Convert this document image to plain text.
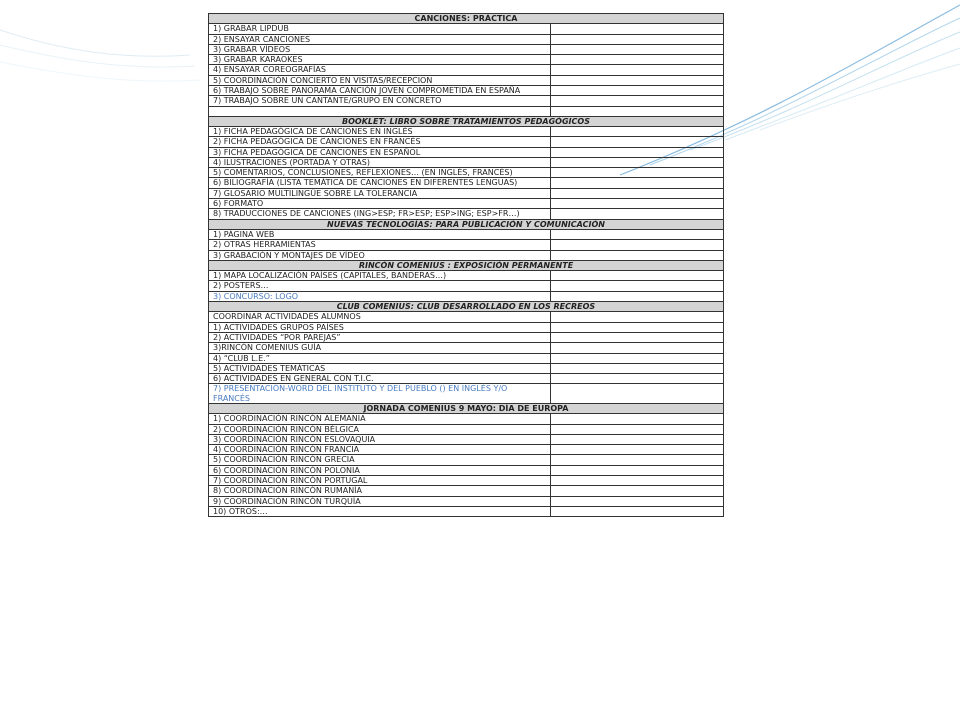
CANCIONES: PRÁCTICA	
1) GRABAR LIPDUB	
2) ENSAYAR CANCIONES	
3) GRABAR VÍDEOS	
3) GRABAR KARAOKES	
4) ENSAYAR COREOGRAFÍAS	
5) COORDINACIÓN CONCIERTO EN VISITAS/RECEPCION	
6) TRABAJO SOBRE PANORAMA CANCIÓN JOVEN COMPROMETIDA EN ESPAÑA	
7) TRABAJO SOBRE UN CANTANTE/GRUPO EN CONCRETO	

BOOKLET: LIBRO SOBRE TRATAMIENTOS PEDAGÓGICOS	
1) FICHA PEDAGÓGICA DE CANCIONES EN INGLÉS	
2) FICHA PEDAGÓGICA DE CANCIONES EN FRANCÉS	
3) FICHA PEDAGÓGICA DE CANCIONES EN ESPAÑOL	
4) ILUSTRACIONES (PORTADA Y OTRAS)	
5) COMENTARIOS, CONCLUSIONES, REFLEXIONES… (EN INGLÉS, FRANCÉS)	
6) BILIOGRAFÍA (LISTA TEMÁTICA DE CANCIONES EN DIFERENTES LENGUAS)	
7) GLOSARIO MULTILINGÜE SOBRE LA TOLERANCIA	
6) FORMATO	
8) TRADUCCIONES DE CANCIONES (ING>ESP; FR>ESP; ESP>ING; ESP>FR…)	
NUEVAS TECNOLOGÍAS: PARA PUBLICACIÓN Y COMUNICACIÓN	
1) PÁGINA WEB	
2) OTRAS HERRAMIENTAS	
3) GRABACIÓN Y MONTAJES DE VÍDEO	
RINCÓN COMENIUS : EXPOSICIÓN PERMANENTE	
1) MAPA LOCALIZACIÓN PAÍSES (CAPITALES, BANDERAS…)	
2) POSTERS…	
3) CONCURSO: LOGO	
CLUB COMENIUS: CLUB DESARROLLADO EN LOS RECREOS	
COORDINAR ACTIVIDADES ALUMNOS	
1) ACTIVIDADES GRUPOS PAÍSES	
2) ACTIVIDADES “POR PAREJAS”	
3)RINCÓN COMENIUS GUÍA	
4) “CLUB L.E.”	
5) ACTIVIDADES TEMÁTICAS	
6) ACTIVIDADES EN GENERAL CON T.I.C.	
7) PRESENTACIÓN-WORD DEL INSTITUTO Y DEL PUEBLO () EN INGLÉS Y/O FRANCÉS	
JORNADA COMENIUS 9 MAYO: DÍA DE EUROPA	
1) COORDINACIÓN RINCÓN ALEMANIA	
2) COORDINACIÓN RINCÓN BÉLGICA	
3) COORDINACIÓN RINCÓN ESLOVAQUIA	
4) COORDINACIÓN RINCÓN FRANCIA	
5) COORDINACIÓN RINCÓN GRECIA	
6) COORDINACIÓN RINCÓN POLONIA	
7) COORDINACIÓN RINCÓN PORTUGAL	
8) COORDINACIÓN RINCÓN RUMANÍA	
9) COORDINACIÓN RINCÓN TURQUÍA	
10) OTROS:…	
